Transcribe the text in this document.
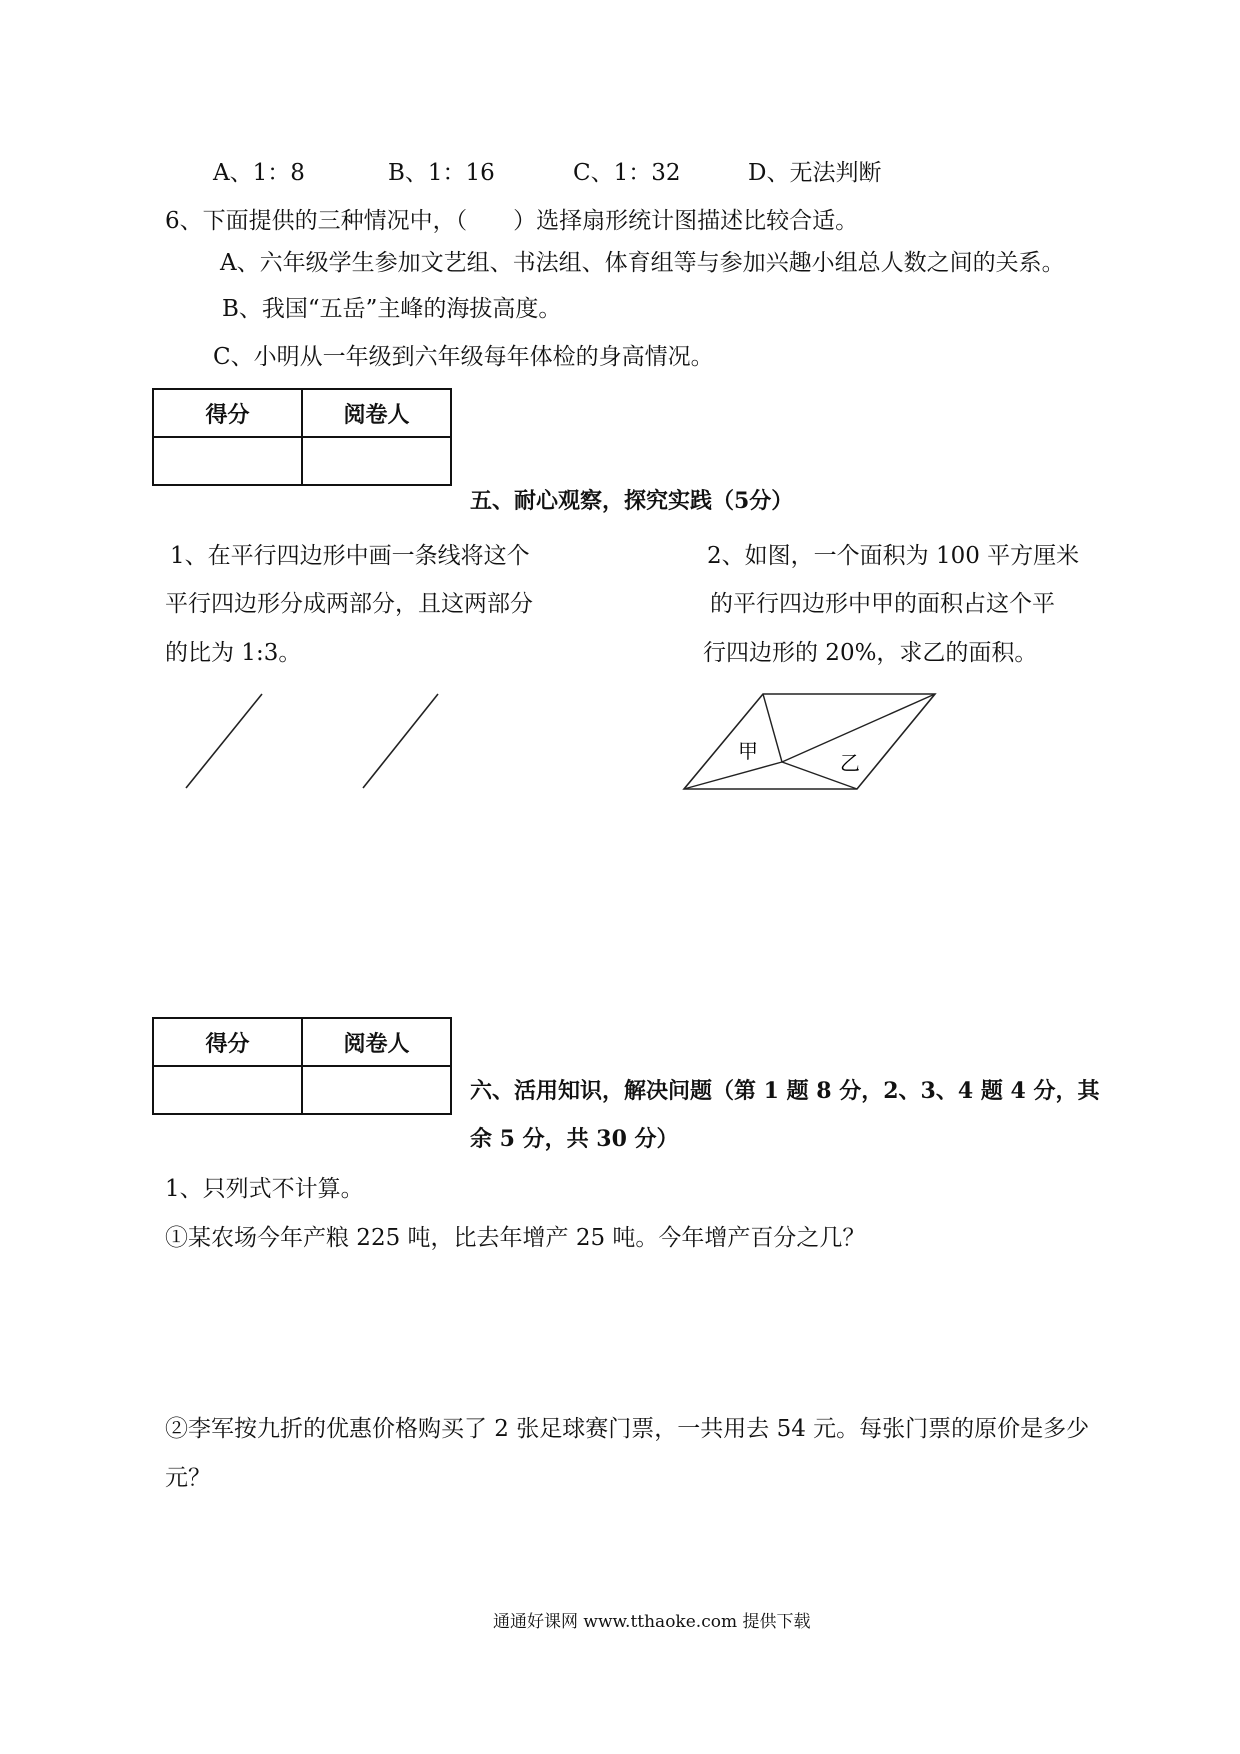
A、1：8	B、1：16	C、1：32	D、无法判断
6、下面提供的三种情况中，（　　）选择扇形统计图描述比较合适。
A、六年级学生参加文艺组、书法组、体育组等与参加兴趣小组总人数之间的关系。
B、我国“五岳”主峰的海拔高度。
C、小明从一年级到六年级每年体检的身高情况。
得分	阅卷人

五、耐心观察，探究实践（5分）
1、在平行四边形中画一条线将这个
平行四边形分成两部分，且这两部分
的比为 1:3。
2、如图，一个面积为 100 平方厘米
的平行四边形中甲的面积占这个平
行四边形的 20%，求乙的面积。
甲	乙
得分	阅卷人

六、活用知识，解决问题（第 1 题 8 分，2、3、4 题 4 分，其
余 5 分，共 30 分）
1、只列式不计算。
①某农场今年产粮 225 吨，比去年增产 25 吨。今年增产百分之几？
②李军按九折的优惠价格购买了 2 张足球赛门票，一共用去 54 元。每张门票的原价是多少
元？
通通好课网 www.tthaoke.com 提供下载
